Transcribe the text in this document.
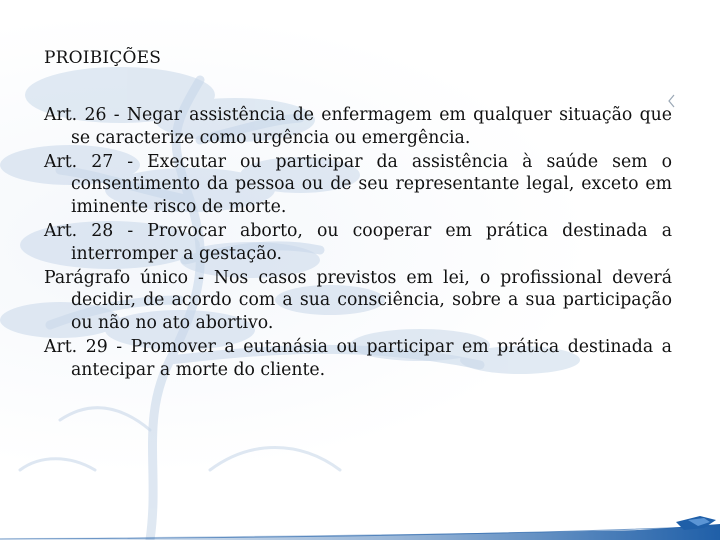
PROIBIÇÕES

Art. 26 - Negar assistência de enfermagem em qualquer situação que se caracterize como urgência ou emergência.

Art. 27 - Executar ou participar da assistência à saúde sem o consentimento da pessoa ou de seu representante legal, exceto em iminente risco de morte.

Art. 28 - Provocar aborto, ou cooperar em prática destinada a interromper a gestação.

Parágrafo único - Nos casos previstos em lei, o profissional deverá decidir, de acordo com a sua consciência, sobre a sua participação ou não no ato abortivo.

Art. 29 - Promover a eutanásia ou participar em prática destinada a antecipar a morte do cliente.
